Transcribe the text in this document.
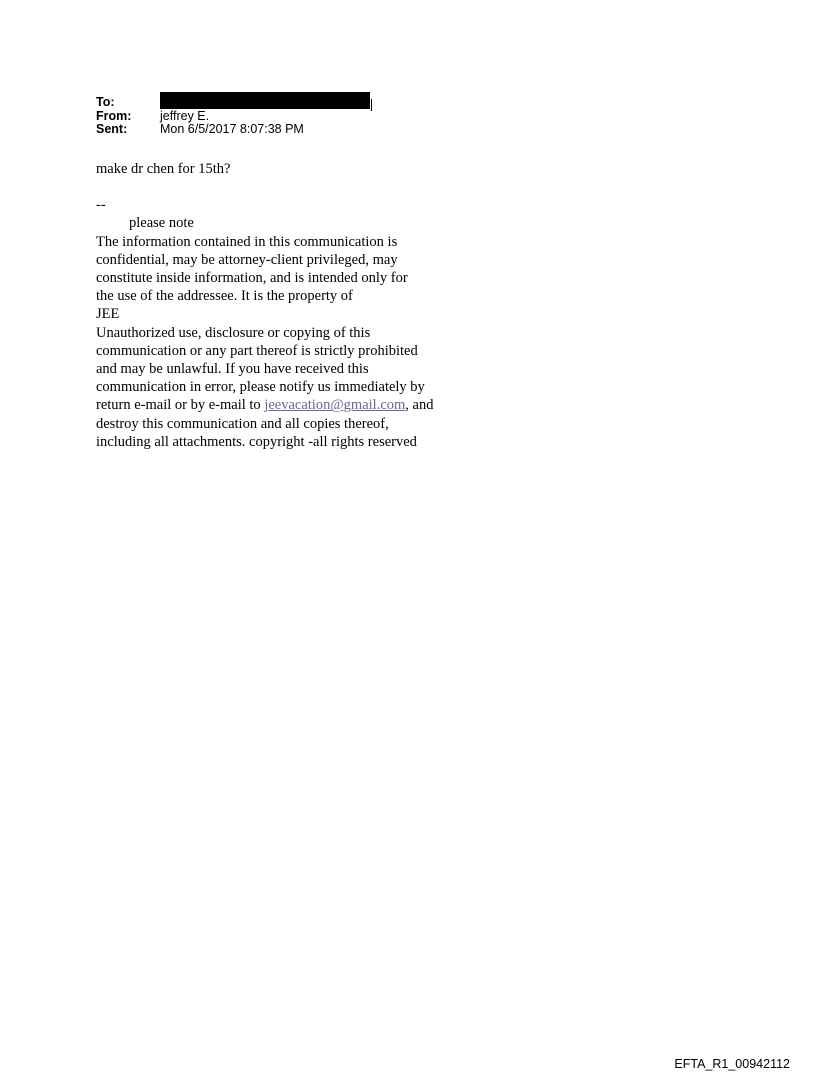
To:
From:	jeffrey E.
Sent:	Mon 6/5/2017 8:07:38 PM

make dr chen for 15th?

--

please note

The information contained in this communication is

confidential, may be attorney-client privileged, may

constitute inside information, and is intended only for

the use of the addressee. It is the property of

JEE

Unauthorized use, disclosure or copying of this

communication or any part thereof is strictly prohibited

and may be unlawful. If you have received this

communication in error, please notify us immediately by

return e-mail or by e-mail to jeevacation@gmail.com, and

destroy this communication and all copies thereof,

including all attachments. copyright -all rights reserved

EFTA_R1_00942112
